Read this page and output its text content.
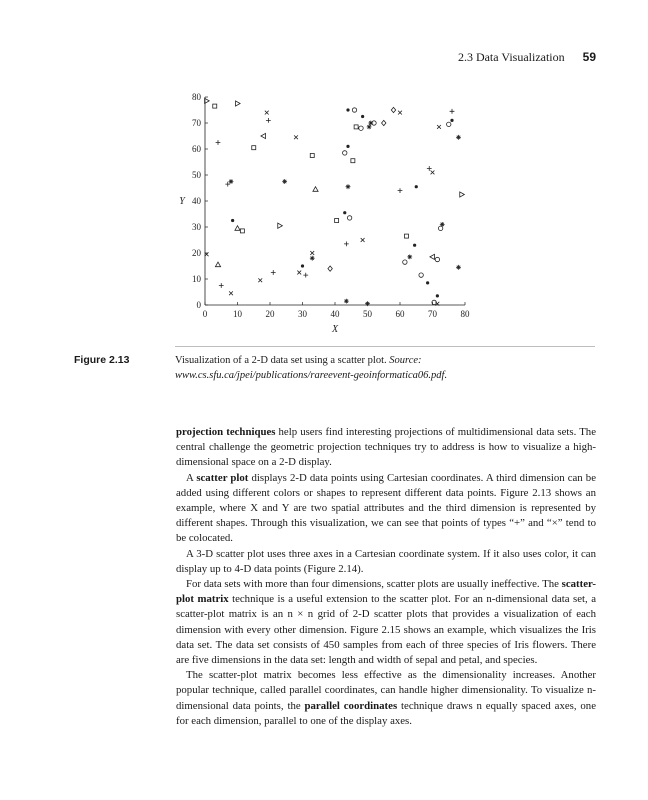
2.3 Data Visualization 59
0	10	20	30	40	50	60	70	80
0
10
20
30
40
50
60
70
80
X
Y
Figure 2.13	Visualization of a 2-D data set using a scatter plot. Source: www.cs.sfu.ca/jpei/publications/rareevent-geoinformatica06.pdf.

projection techniques help users find interesting projections of multidimensional data sets. The central challenge the geometric projection techniques try to address is how to visualize a high-dimensional space on a 2-D display.

A scatter plot displays 2-D data points using Cartesian coordinates. A third dimension can be added using different colors or shapes to represent different data points. Figure 2.13 shows an example, where X and Y are two spatial attributes and the third dimension is represented by different shapes. Through this visualization, we can see that points of types “+” and “×” tend to be colocated.

A 3-D scatter plot uses three axes in a Cartesian coordinate system. If it also uses color, it can display up to 4-D data points (Figure 2.14).

For data sets with more than four dimensions, scatter plots are usually ineffective. The scatter-plot matrix technique is a useful extension to the scatter plot. For an n-dimensional data set, a scatter-plot matrix is an n × n grid of 2-D scatter plots that provides a visualization of each dimension with every other dimension. Figure 2.15 shows an example, which visualizes the Iris data set. The data set consists of 450 samples from each of three species of Iris flowers. There are five dimensions in the data set: length and width of sepal and petal, and species.

The scatter-plot matrix becomes less effective as the dimensionality increases. Another popular technique, called parallel coordinates, can handle higher dimensionality. To visualize n-dimensional data points, the parallel coordinates technique draws n equally spaced axes, one for each dimension, parallel to one of the display axes.
